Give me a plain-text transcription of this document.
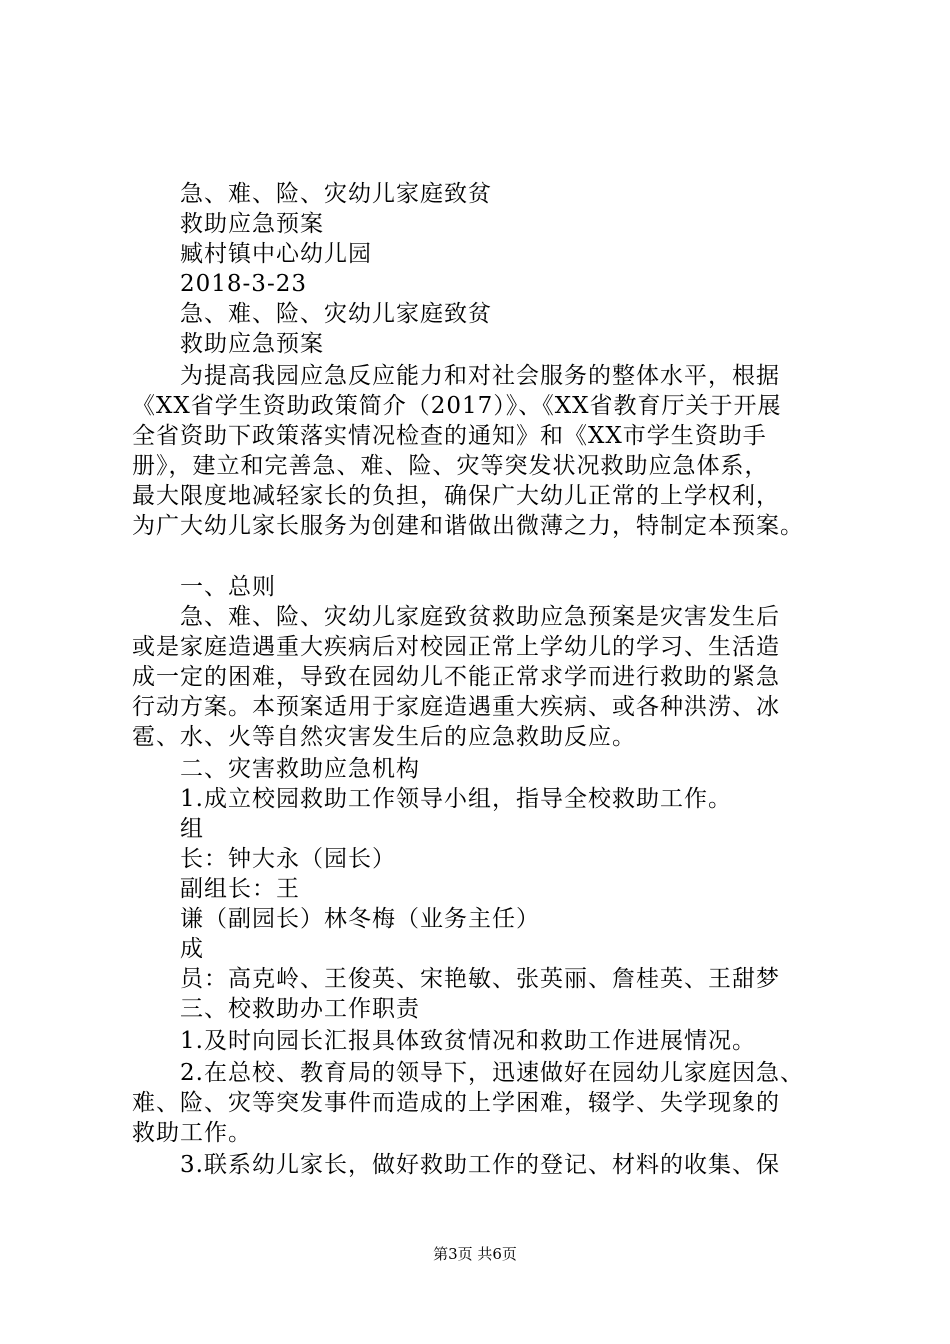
急、难、险、灾幼儿家庭致贫
救助应急预案
臧村镇中心幼儿园
2018-3-23
急、难、险、灾幼儿家庭致贫
救助应急预案
为提高我园应急反应能力和对社会服务的整体水平，根据
《XX省学生资助政策简介（2017）》、《XX省教育厅关于开展
全省资助下政策落实情况检查的通知》和《XX市学生资助手
册》，建立和完善急、难、险、灾等突发状况救助应急体系，
最大限度地减轻家长的负担，确保广大幼儿正常的上学权利，
为广大幼儿家长服务为创建和谐做出微薄之力，特制定本预案。
一、总则
急、难、险、灾幼儿家庭致贫救助应急预案是灾害发生后
或是家庭造遇重大疾病后对校园正常上学幼儿的学习、生活造
成一定的困难，导致在园幼儿不能正常求学而进行救助的紧急
行动方案。本预案适用于家庭造遇重大疾病、或各种洪涝、冰
雹、水、火等自然灾害发生后的应急救助反应。
二、灾害救助应急机构
1.成立校园救助工作领导小组，指导全校救助工作。
组
长：钟大永（园长）
副组长：王
谦（副园长）林冬梅（业务主任）
成
员：高克岭、王俊英、宋艳敏、张英丽、詹桂英、王甜梦
三、校救助办工作职责
1.及时向园长汇报具体致贫情况和救助工作进展情况。
2.在总校、教育局的领导下，迅速做好在园幼儿家庭因急、
难、险、灾等突发事件而造成的上学困难，辍学、失学现象的
救助工作。
3.联系幼儿家长，做好救助工作的登记、材料的收集、保
第3页 共6页
